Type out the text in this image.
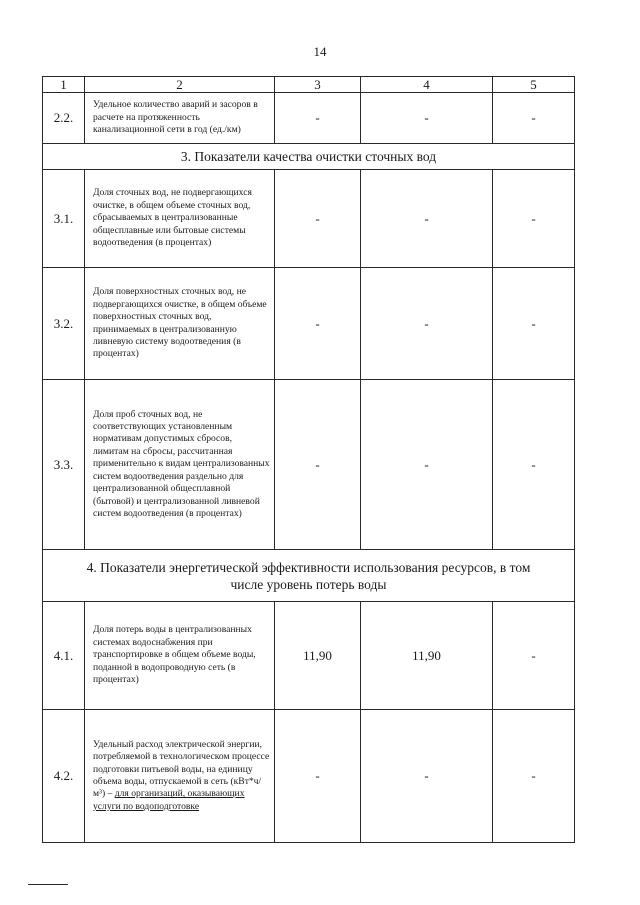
14
1	2	3	4	5
2.2.	Удельное количество аварий и засоров в расчете на протяженность канализационной сети в год (ед./км)	-	-	-
3. Показатели качества очистки сточных вод				
3.1.	Доля сточных вод, не подвергающихся очистке, в общем объеме сточных вод, сбрасываемых в централизованные общесплавные или бытовые системы водоотведения (в процентах)	-	-	-
3.2.	Доля поверхностных сточных вод, не подвергающихся очистке, в общем объеме поверхностных сточных вод, принимаемых в централизованную ливневую систему водоотведения (в процентах)	-	-	-
3.3.	Доля проб сточных вод, не соответствующих установленным нормативам допустимых сбросов, лимитам на сбросы, рассчитанная применительно к видам централизованных систем водоотведения раздельно для централизованной общесплавной (бытовой) и централизованной ливневой систем водоотведения (в процентах)	-	-	-
4. Показатели энергетической эффективности использования ресурсов, в том числе уровень потерь воды				
4.1.	Доля потерь воды в централизованных системах водоснабжения при транспортировке в общем объеме воды, поданной в водопроводную сеть (в процентах)	11,90	11,90	-
4.2.	Удельный расход электрической энергии, потребляемой в технологическом процессе подготовки питьевой воды, на единицу объема воды, отпускаемой в сеть (кВт*ч/м³) – для организаций, оказывающих услуги по водоподготовке	-	-	-
